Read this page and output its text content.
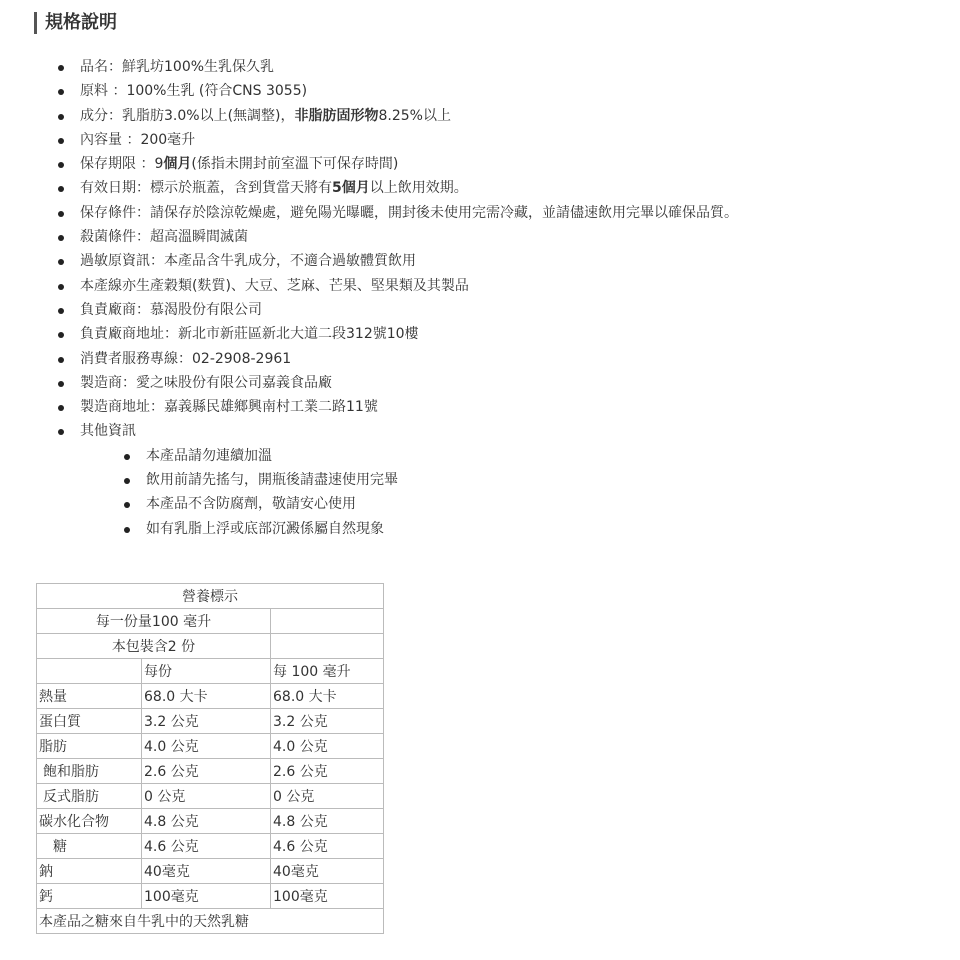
規格說明
品名：鮮乳坊100%生乳保久乳
原料 ：100%生乳 (符合CNS 3055)
成分：乳脂肪3.0%以上(無調整)，非脂肪固形物8.25%以上
內容量 ：200毫升
保存期限 ：9個月(係指未開封前室溫下可保存時間)
有效日期：標示於瓶蓋，含到貨當天將有5個月以上飲用效期。
保存條件：請保存於陰涼乾燥處，避免陽光曝曬，開封後未使用完需冷藏，並請儘速飲用完畢以確保品質。
殺菌條件：超高溫瞬間滅菌
過敏原資訊：本產品含牛乳成分，不適合過敏體質飲用
本產線亦生產穀類(麩質)、大豆、芝麻、芒果、堅果類及其製品
負責廠商：慕渴股份有限公司
負責廠商地址：新北市新莊區新北大道二段312號10樓
消費者服務專線：02-2908-2961
製造商：愛之味股份有限公司嘉義食品廠
製造商地址：嘉義縣民雄鄉興南村工業二路11號
其他資訊
本產品請勿連續加溫
飲用前請先搖勻，開瓶後請盡速使用完畢
本產品不含防腐劑，敬請安心使用
如有乳脂上浮或底部沉澱係屬自然現象
營養標示		
每一份量100 毫升		
本包裝含2 份		
	每份	每 100 毫升
熱量	68.0 大卡	68.0 大卡
蛋白質	3.2 公克	3.2 公克
脂肪	4.0 公克	4.0 公克
飽和脂肪	2.6 公克	2.6 公克
反式脂肪	0 公克	0 公克
碳水化合物	4.8 公克	4.8 公克
糖	4.6 公克	4.6 公克
鈉	40毫克	40毫克
鈣	100毫克	100毫克
本產品之糖來自牛乳中的天然乳糖		
